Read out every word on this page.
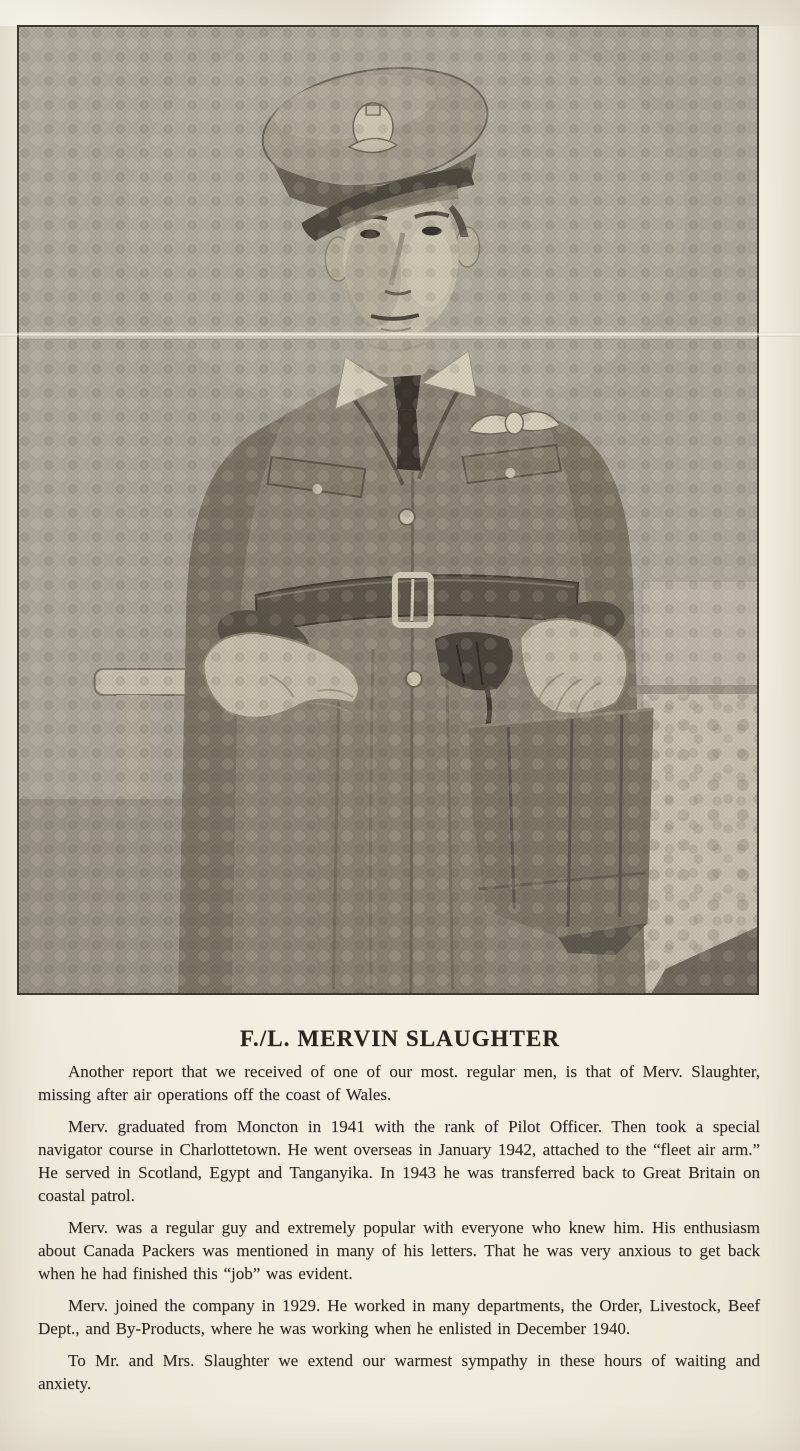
F./L. MERVIN SLAUGHTER

Another report that we received of one of our most. regular men, is that of Merv. Slaughter, missing after air operations off the coast of Wales.

Merv. graduated from Moncton in 1941 with the rank of Pilot Officer. Then took a special navigator course in Charlottetown. He went overseas in January 1942, attached to the “fleet air arm.” He served in Scotland, Egypt and Tanganyika. In 1943 he was transferred back to Great Britain on coastal patrol.

Merv. was a regular guy and extremely popular with everyone who knew him. His enthusiasm about Canada Packers was mentioned in many of his letters. That he was very anxious to get back when he had finished this “job” was evident.

Merv. joined the company in 1929. He worked in many departments, the Order, Livestock, Beef Dept., and By-Products, where he was working when he enlisted in December 1940.

To Mr. and Mrs. Slaughter we extend our warmest sympathy in these hours of waiting and anxiety.
